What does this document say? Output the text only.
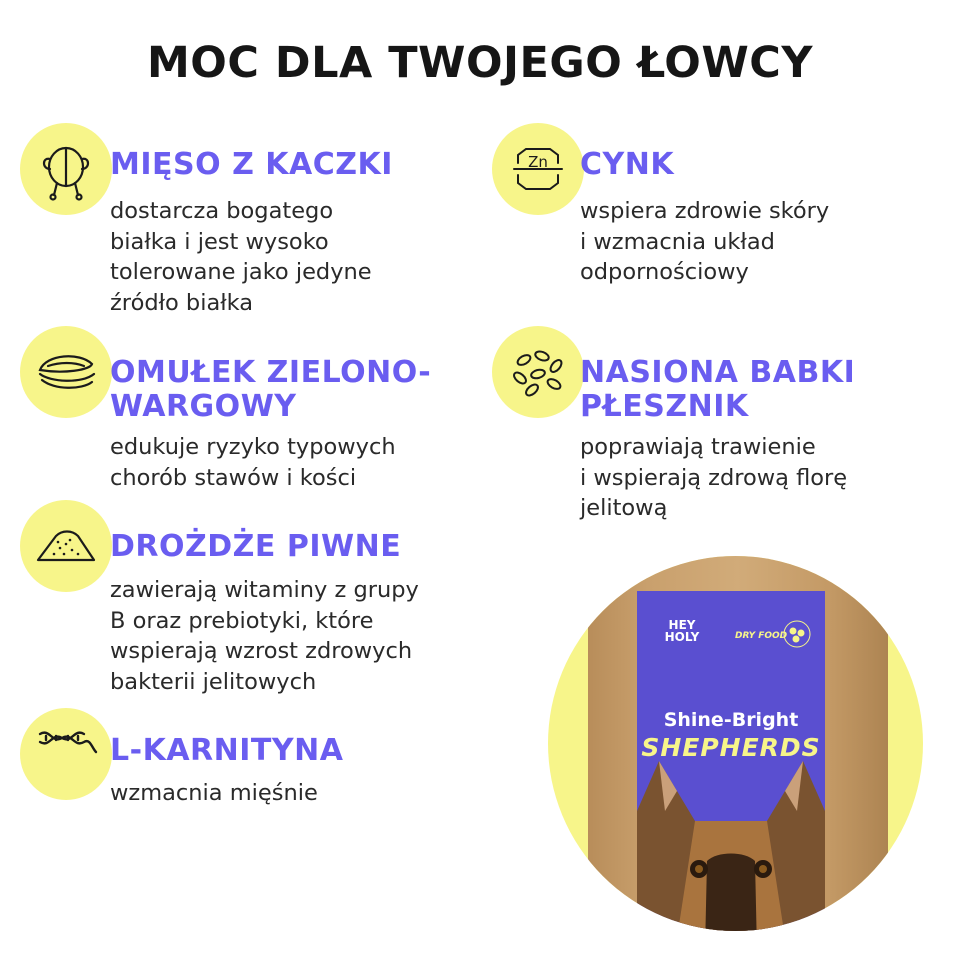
MOC DLA TWOJEGO ŁOWCY
MIĘSO Z KACZKI
dostarcza bogatego
białka i jest wysoko
tolerowane jako jedyne
źródło białka
Zn CYNK
wspiera zdrowie skóry
i wzmacnia układ
odpornościowy
OMUŁEK ZIELONO-
WARGOWY
edukuje ryzyko typowych
chorób stawów i kości
NASIONA BABKI
PŁESZNIK
poprawiają trawienie
i wspierają zdrową florę
jelitową
DROŻDŻE PIWNE
zawierają witaminy z grupy
B oraz prebiotyki, które
wspierają wzrost zdrowych
bakterii jelitowych
L-KARNITYNA
wzmacnia mięśnie
HEY
HOLY	DRY FOOD
Shine-Bright
SHEPHERDS
